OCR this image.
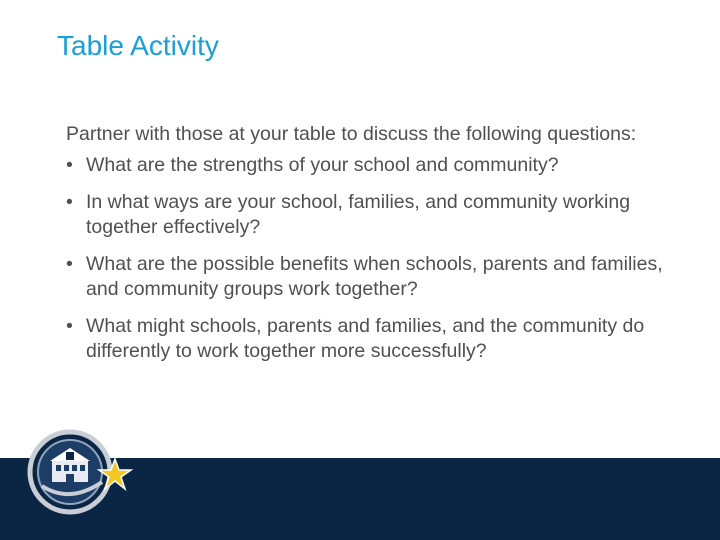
Table Activity

Partner with those at your table to discuss the following questions:

• What are the strengths of your school and community?
• In what ways are your school, families, and community working together effectively?
• What are the possible benefits when schools, parents and families, and community groups work together?
• What might schools, parents and families, and the community do differently to work together more successfully?
